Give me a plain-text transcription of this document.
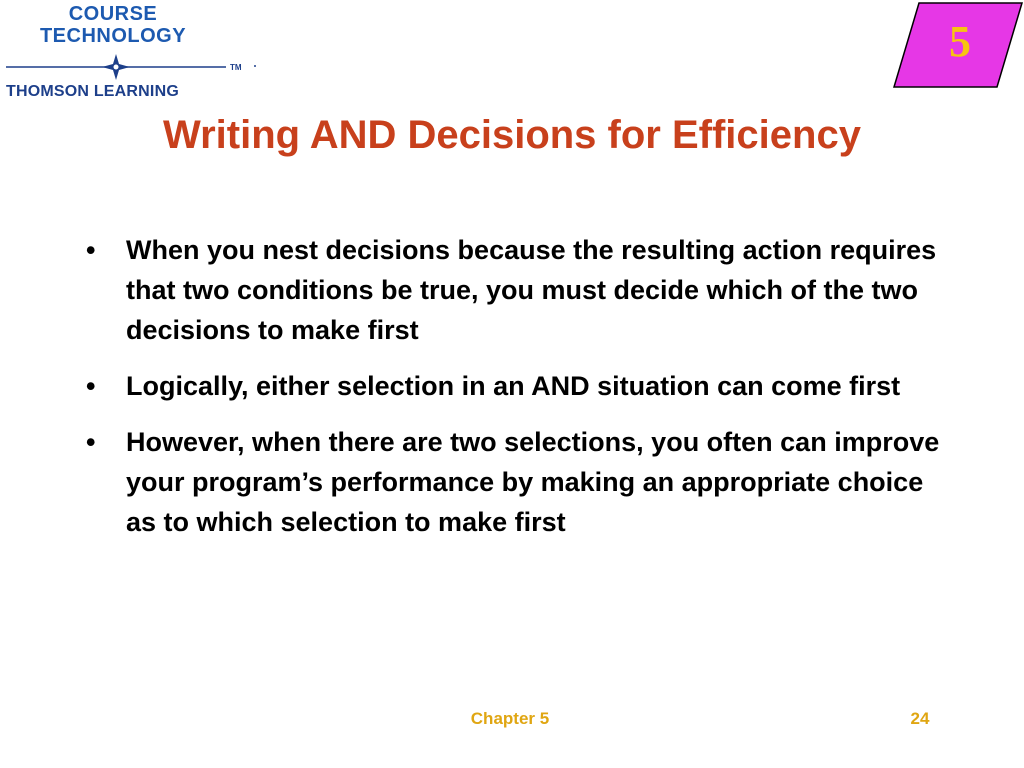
COURSE
TECHNOLOGY
TM
THOMSON LEARNING
5
Writing AND Decisions for Efficiency
• When you nest decisions because the resulting action requires that two conditions be true, you must decide which of the two decisions to make first
• Logically, either selection in an AND situation can come first
• However, when there are two selections, you often can improve your program’s performance by making an appropriate choice as to which selection to make first
Chapter 5	24
